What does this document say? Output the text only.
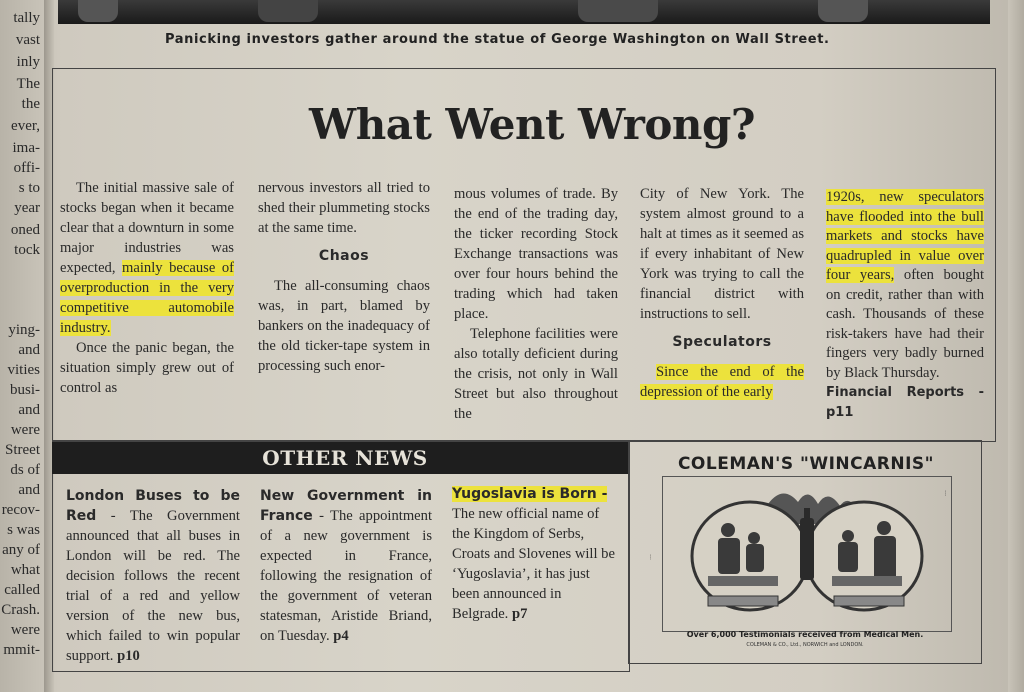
tally
vast
inly
The
the
ever,
ima-
offi-
s to
year
oned
tock
ying-
and
vities
busi-
and
were
Street
ds of
and
recov-
s was
any of
what
called
Crash.
were
mmit-
Panicking investors gather around the statue of George Washington on Wall Street.
What Went Wrong?

The initial massive sale of stocks began when it became clear that a downturn in some major industries was expected, mainly because of overproduction in the very competitive automobile industry.

Once the panic began, the situation simply grew out of control as

nervous investors all tried to shed their plummeting stocks at the same time.

Chaos

The all-consuming chaos was, in part, blamed by bankers on the inadequacy of the old ticker-tape system in processing such enor-

mous volumes of trade. By the end of the trading day, the ticker recording Stock Exchange transactions was over four hours behind the trading which had taken place.

Telephone facilities were also totally deficient during the crisis, not only in Wall Street but also throughout the

City of New York. The system almost ground to a halt at times as it seemed as if every inhabitant of New York was trying to call the financial district with instructions to sell.

Speculators

Since the end of the depression of the early

1920s, new speculators have flooded into the bull markets and stocks have quadrupled in value over four years, often bought on credit, rather than with cash. Thousands of these risk-takers have had their fingers very badly burned by Black Thursday.

Financial Reports - p11

OTHER NEWS
London Buses to be Red - The Government announced that all buses in London will be red. The decision follows the recent trial of a red and yellow version of the new bus, which failed to win popular support. p10
New Government in France - The appointment of a new government is expected in France, following the resignation of the government of veteran statesman, Aristide Briand, on Tuesday. p4
Yugoslavia is Born - The new official name of the Kingdom of Serbs, Croats and Slovenes will be ‘Yugoslavia’, it has just been announced in Belgrade. p7
COLEMAN'S "WINCARNIS"
…
…
Over 6,000 Testimonials received from Medical Men.
COLEMAN & CO., Ltd., NORWICH and LONDON.
